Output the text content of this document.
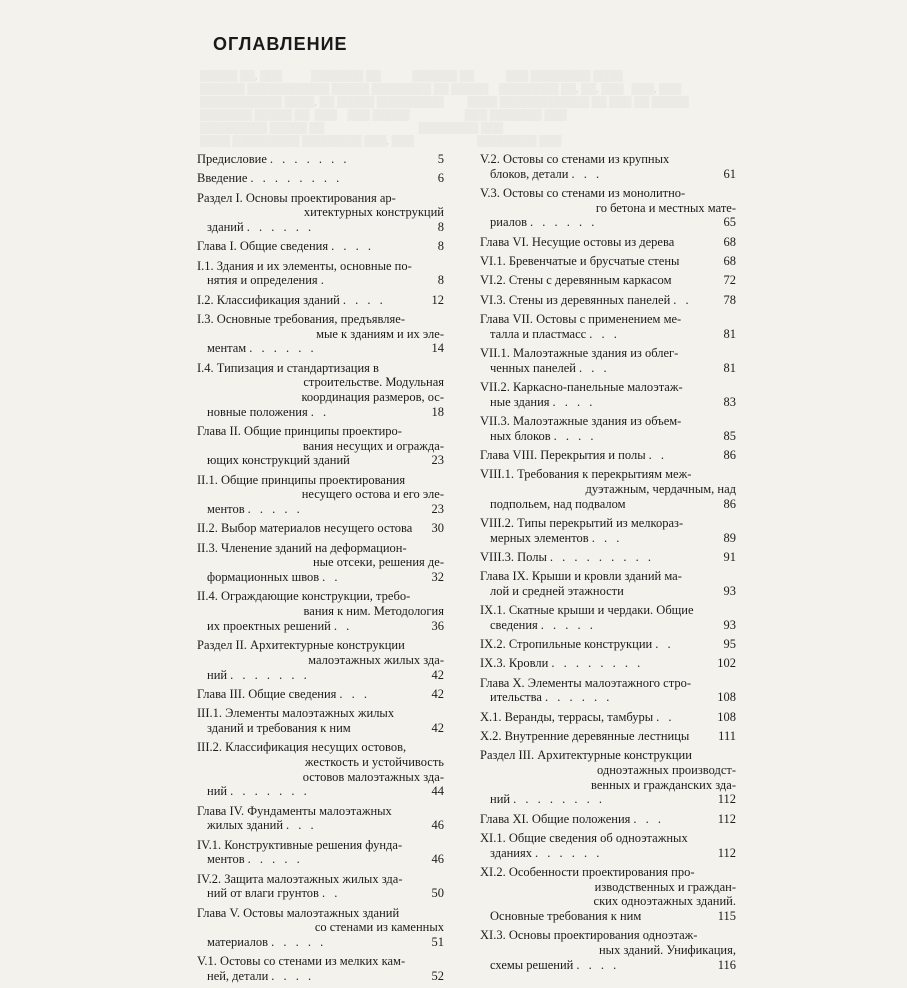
ОГЛАВЛЕНИЕ
▒▒▒▒▒ ▒▒, ▒▒▒           ▒▒▒▒▒▒▒ ▒▒            ▒▒▒▒▒▒ ▒▒            ▒▒▒ ▒▒▒▒▒▒▒▒ ▒▒▒▒
▒▒▒▒▒▒ ▒▒▒▒▒▒▒▒▒▒▒ ▒▒▒▒▒ ▒▒▒▒▒▒▒▒ ▒▒ ▒▒▒▒▒    ▒▒▒▒▒▒▒▒ ▒▒, ▒▒, ▒▒▒   ▒▒▒, ▒▒▒
▒▒▒▒▒▒▒▒▒▒▒ ▒▒▒▒, ▒▒ ▒▒▒▒▒ ▒▒▒▒▒▒▒▒▒         ▒▒▒▒ ▒▒▒▒▒▒▒▒▒▒▒▒ ▒▒ ▒▒▒ ▒▒ ▒▒▒▒▒
▒▒▒▒▒▒▒ ▒▒▒▒▒ ▒▒  ▒▒▒    ▒▒▒ ▒▒▒▒▒                     ▒▒▒ ▒▒▒▒▒▒▒ ▒▒▒
▒▒▒▒▒▒▒▒▒ ▒▒▒▒▒ ▒▒                                    ▒▒▒▒▒▒▒▒ ▒▒▒
▒▒▒▒ ▒▒▒▒▒▒▒▒▒ ▒▒▒▒▒▒▒▒ ▒▒▒, ▒▒▒                        ▒▒▒▒▒▒▒▒ ▒▒▒
Предисловие . . . . . . .	5
Введение . . . . . . . .	6
Раздел I. Основы проектирования ар-
хитектурных конструкций
зданий . . . . . .	8
Глава I. Общие сведения . . . .	8
I.1. Здания и их элементы, основные по-
нятия и определения .	8
I.2. Классификация зданий . . . .	12
I.3. Основные требования, предъявляе-
мые к зданиям и их эле-
ментам . . . . . .	14
I.4. Типизация и стандартизация в
строительстве. Модульная
координация размеров, ос-
новные положения . .	18
Глава II. Общие принципы проектиро-
вания несущих и огражда-
ющих конструкций зданий	23
II.1. Общие принципы проектирования
несущего остова и его эле-
ментов . . . . .	23
II.2. Выбор материалов несущего остова 30
II.3. Членение зданий на деформацион-
ные отсеки, решения де-
формационных швов . .	32
II.4. Ограждающие конструкции, требо-
вания к ним. Методология
их проектных решений . .	36
Раздел II. Архитектурные конструкции
малоэтажных жилых зда-
ний . . . . . . .	42
Глава III. Общие сведения . . .	42
III.1. Элементы малоэтажных жилых
зданий и требования к ним	42
III.2. Классификация несущих остовов,
жесткость и устойчивость
остовов малоэтажных зда-
ний . . . . . . .	44
Глава IV. Фундаменты малоэтажных
жилых зданий . . .	46
IV.1. Конструктивные решения фунда-
ментов . . . . .	46
IV.2. Защита малоэтажных жилых зда-
ний от влаги грунтов . .	50
Глава V. Остовы малоэтажных зданий
со стенами из каменных
материалов . . . . .	51
V.1. Остовы со стенами из мелких кам-
ней, детали . . . .	52
V.2. Остовы со стенами из крупных
блоков, детали . . .	61
V.3. Остовы со стенами из монолитно-
го бетона и местных мате-
риалов . . . . . .	65
Глава VI. Несущие остовы из дерева	68
VI.1. Бревенчатые и брусчатые стены	68
VI.2. Стены с деревянным каркасом	72
VI.3. Стены из деревянных панелей . .	78
Глава VII. Остовы с применением ме-
талла и пластмасс . . .	81
VII.1. Малоэтажные здания из облег-
ченных панелей . . .	81
VII.2. Каркасно-панельные малоэтаж-
ные здания . . . .	83
VII.3. Малоэтажные здания из объем-
ных блоков . . . .	85
Глава VIII. Перекрытия и полы . .	86
VIII.1. Требования к перекрытиям меж-
дуэтажным, чердачным, над
подпольем, над подвалом	86
VIII.2. Типы перекрытий из мелкораз-
мерных элементов . . .	89
VIII.3. Полы . . . . . . . . .	91
Глава IX. Крыши и кровли зданий ма-
лой и средней этажности	93
IX.1. Скатные крыши и чердаки. Общие
сведения . . . . .	93
IX.2. Стропильные конструкции . .	95
IX.3. Кровли . . . . . . . .	102
Глава X. Элементы малоэтажного стро-
ительства . . . . . .	108
X.1. Веранды, террасы, тамбуры . .	108
X.2. Внутренние деревянные лестницы 111
Раздел III. Архитектурные конструкции
одноэтажных производст-
венных и гражданских зда-
ний . . . . . . . .	112
Глава XI. Общие положения . . .	112
XI.1. Общие сведения об одноэтажных
зданиях . . . . . .	112
XI.2. Особенности проектирования про-
изводственных и граждан-
ских одноэтажных зданий.
Основные требования к ним	115
XI.3. Основы проектирования одноэтаж-
ных зданий. Унификация,
схемы решений . . . .	116
